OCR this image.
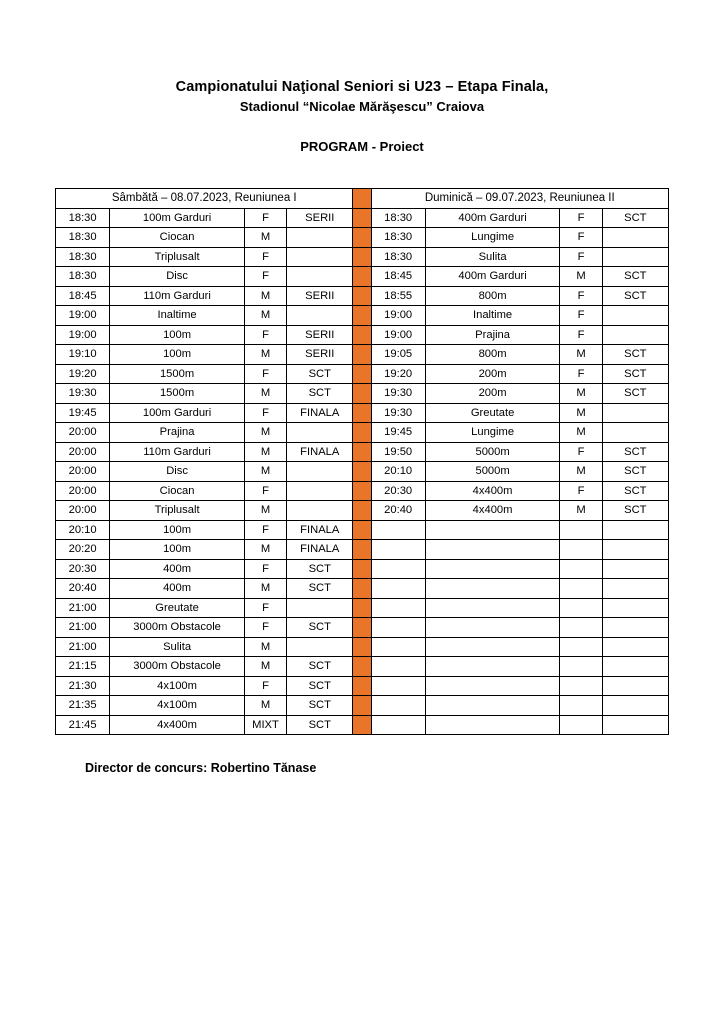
Campionatului Naţional Seniori si U23 – Etapa Finala,
Stadionul “Nicolae Mărăşescu” Craiova
PROGRAM - Proiect
Sâmbătă – 08.07.2023, Reuniunea I					Duminică – 09.07.2023, Reuniunea II			
18:30	100m Garduri	F	SERII		18:30	400m Garduri	F	SCT
18:30	Ciocan	M			18:30	Lungime	F	
18:30	Triplusalt	F			18:30	Sulita	F	
18:30	Disc	F			18:45	400m Garduri	M	SCT
18:45	110m Garduri	M	SERII		18:55	800m	F	SCT
19:00	Inaltime	M			19:00	Inaltime	F	
19:00	100m	F	SERII		19:00	Prajina	F	
19:10	100m	M	SERII		19:05	800m	M	SCT
19:20	1500m	F	SCT		19:20	200m	F	SCT
19:30	1500m	M	SCT		19:30	200m	M	SCT
19:45	100m Garduri	F	FINALA		19:30	Greutate	M	
20:00	Prajina	M			19:45	Lungime	M	
20:00	110m Garduri	M	FINALA		19:50	5000m	F	SCT
20:00	Disc	M			20:10	5000m	M	SCT
20:00	Ciocan	F			20:30	4x400m	F	SCT
20:00	Triplusalt	M			20:40	4x400m	M	SCT
20:10	100m	F	FINALA					
20:20	100m	M	FINALA					
20:30	400m	F	SCT					
20:40	400m	M	SCT					
21:00	Greutate	F						
21:00	3000m Obstacole	F	SCT					
21:00	Sulita	M						
21:15	3000m Obstacole	M	SCT					
21:30	4x100m	F	SCT					
21:35	4x100m	M	SCT					
21:45	4x400m	MIXT	SCT					
Director de concurs: Robertino Tănase
